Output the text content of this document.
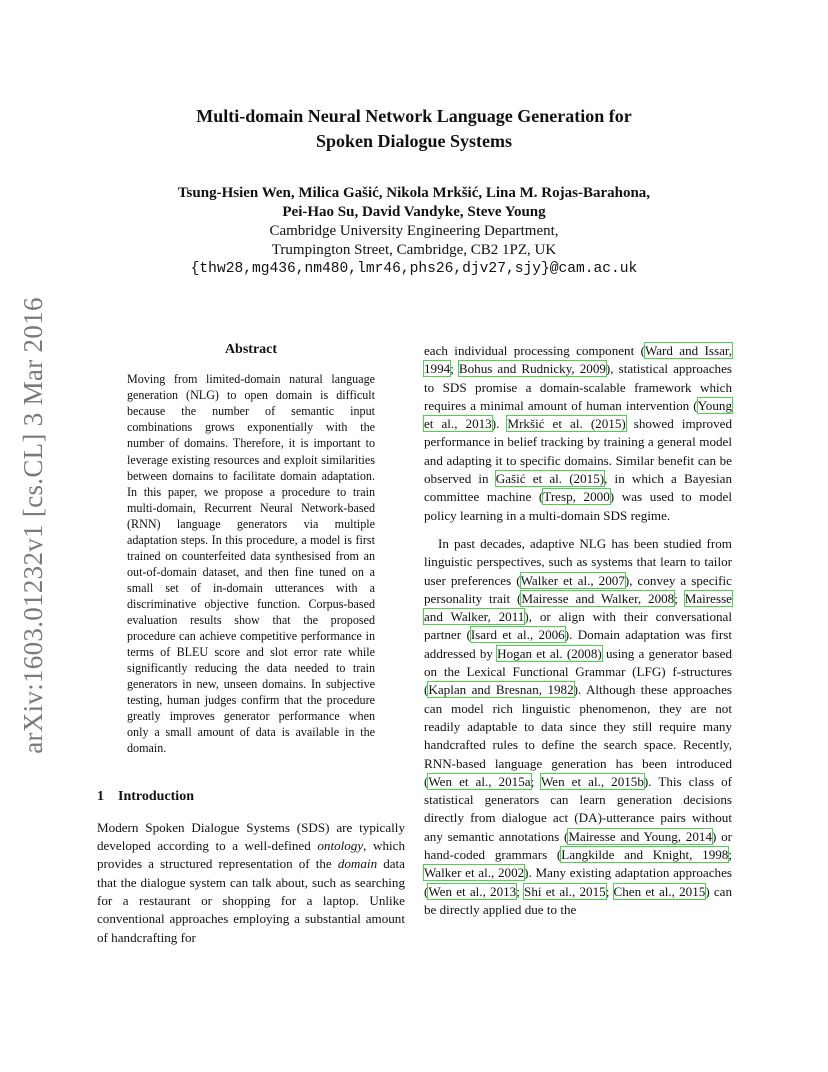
arXiv:1603.01232v1 [cs.CL] 3 Mar 2016
Multi-domain Neural Network Language Generation for
Spoken Dialogue Systems
Tsung-Hsien Wen, Milica Gašić, Nikola Mrkšić, Lina M. Rojas-Barahona,
Pei-Hao Su, David Vandyke, Steve Young
Cambridge University Engineering Department,
Trumpington Street, Cambridge, CB2 1PZ, UK
{thw28,mg436,nm480,lmr46,phs26,djv27,sjy}@cam.ac.uk
Abstract
Moving from limited-domain natural language generation (NLG) to open domain is difficult because the number of semantic input combinations grows exponentially with the number of domains. Therefore, it is important to leverage existing resources and exploit similarities between domains to facilitate domain adaptation. In this paper, we propose a procedure to train multi-domain, Recurrent Neural Network-based (RNN) language generators via multiple adaptation steps. In this procedure, a model is first trained on counterfeited data synthesised from an out-of-domain dataset, and then fine tuned on a small set of in-domain utterances with a discriminative objective function. Corpus-based evaluation results show that the proposed procedure can achieve competitive performance in terms of BLEU score and slot error rate while significantly reducing the data needed to train generators in new, unseen domains. In subjective testing, human judges confirm that the procedure greatly improves generator performance when only a small amount of data is available in the domain.
1 Introduction

Modern Spoken Dialogue Systems (SDS) are typically developed according to a well-defined ontology, which provides a structured representation of the domain data that the dialogue system can talk about, such as searching for a restaurant or shopping for a laptop. Unlike conventional approaches employing a substantial amount of handcrafting for

each individual processing component (Ward and Issar, 1994; Bohus and Rudnicky, 2009), statistical approaches to SDS promise a domain-scalable framework which requires a minimal amount of human intervention (Young et al., 2013). Mrkšić et al. (2015) showed improved performance in belief tracking by training a general model and adapting it to specific domains. Similar benefit can be observed in Gašić et al. (2015), in which a Bayesian committee machine (Tresp, 2000) was used to model policy learning in a multi-domain SDS regime.

In past decades, adaptive NLG has been studied from linguistic perspectives, such as systems that learn to tailor user preferences (Walker et al., 2007), convey a specific personality trait (Mairesse and Walker, 2008; Mairesse and Walker, 2011), or align with their conversational partner (Isard et al., 2006). Domain adaptation was first addressed by Hogan et al. (2008) using a generator based on the Lexical Functional Grammar (LFG) f-structures (Kaplan and Bresnan, 1982). Although these approaches can model rich linguistic phenomenon, they are not readily adaptable to data since they still require many handcrafted rules to define the search space. Recently, RNN-based language generation has been introduced (Wen et al., 2015a; Wen et al., 2015b). This class of statistical generators can learn generation decisions directly from dialogue act (DA)-utterance pairs without any semantic annotations (Mairesse and Young, 2014) or hand-coded grammars (Langkilde and Knight, 1998; Walker et al., 2002). Many existing adaptation approaches (Wen et al., 2013; Shi et al., 2015; Chen et al., 2015) can be directly applied due to the
